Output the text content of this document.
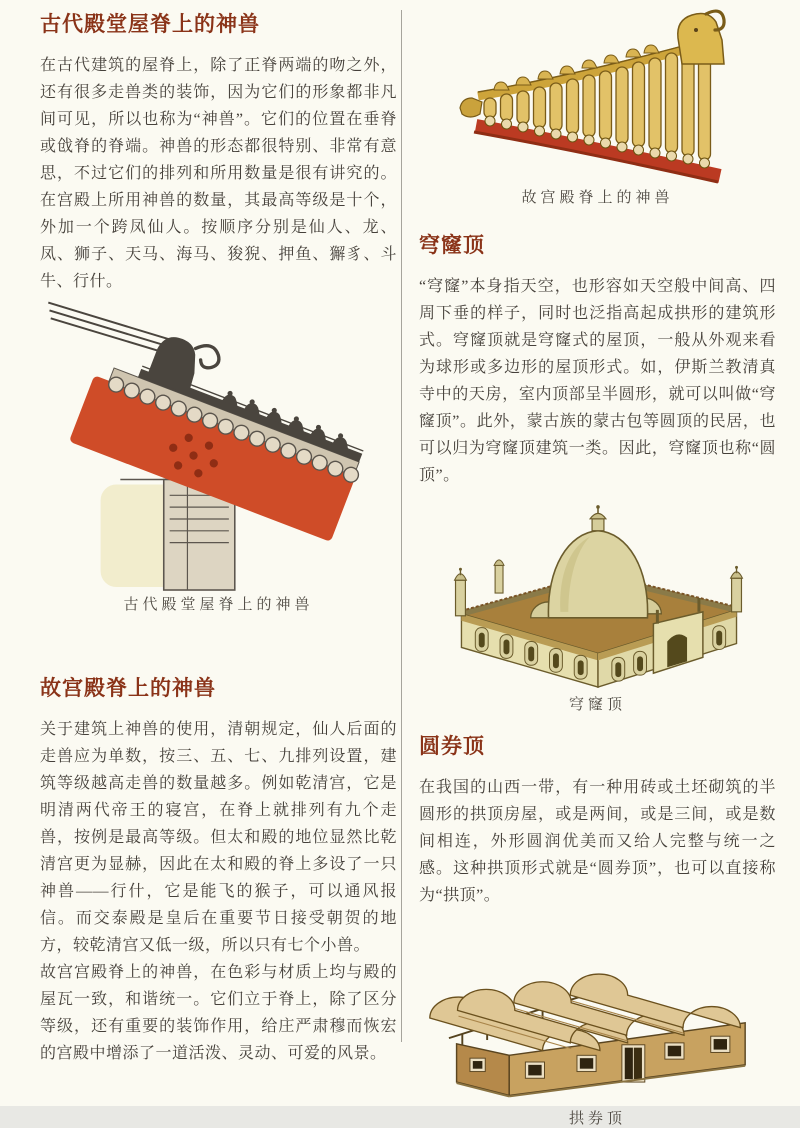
古代殿堂屋脊上的神兽

在古代建筑的屋脊上，除了正脊两端的吻之外，还有很多走兽类的装饰，因为它们的形象都非凡间可见，所以也称为“神兽”。它们的位置在垂脊或戗脊的脊端。神兽的形态都很特别、非常有意思，不过它们的排列和所用数量是很有讲究的。在宫殿上所用神兽的数量，其最高等级是十个，外加一个跨凤仙人。按顺序分别是仙人、龙、凤、狮子、天马、海马、狻猊、押鱼、獬豸、斗牛、行什。

古代殿堂屋脊上的神兽
故宫殿脊上的神兽

关于建筑上神兽的使用，清朝规定，仙人后面的走兽应为单数，按三、五、七、九排列设置，建筑等级越高走兽的数量越多。例如乾清宫，它是明清两代帝王的寝宫，在脊上就排列有九个走兽，按例是最高等级。但太和殿的地位显然比乾清宫更为显赫，因此在太和殿的脊上多设了一只神兽——行什，它是能飞的猴子，可以通风报信。而交泰殿是皇后在重要节日接受朝贺的地方，较乾清宫又低一级，所以只有七个小兽。

故宫宫殿脊上的神兽，在色彩与材质上均与殿的屋瓦一致，和谐统一。它们立于脊上，除了区分等级，还有重要的装饰作用，给庄严肃穆而恢宏的宫殿中增添了一道活泼、灵动、可爱的风景。

故宫殿脊上的神兽
穹窿顶

“穹窿”本身指天空，也形容如天空般中间高、四周下垂的样子，同时也泛指高起成拱形的建筑形式。穹窿顶就是穹窿式的屋顶，一般从外观来看为球形或多边形的屋顶形式。如，伊斯兰教清真寺中的天房，室内顶部呈半圆形，就可以叫做“穹窿顶”。此外，蒙古族的蒙古包等圆顶的民居，也可以归为穹窿顶建筑一类。因此，穹窿顶也称“圆顶”。

穹窿顶
圆券顶

在我国的山西一带，有一种用砖或土坯砌筑的半圆形的拱顶房屋，或是两间，或是三间，或是数间相连，外形圆润优美而又给人完整与统一之感。这种拱顶形式就是“圆券顶”，也可以直接称为“拱顶”。

拱券顶
